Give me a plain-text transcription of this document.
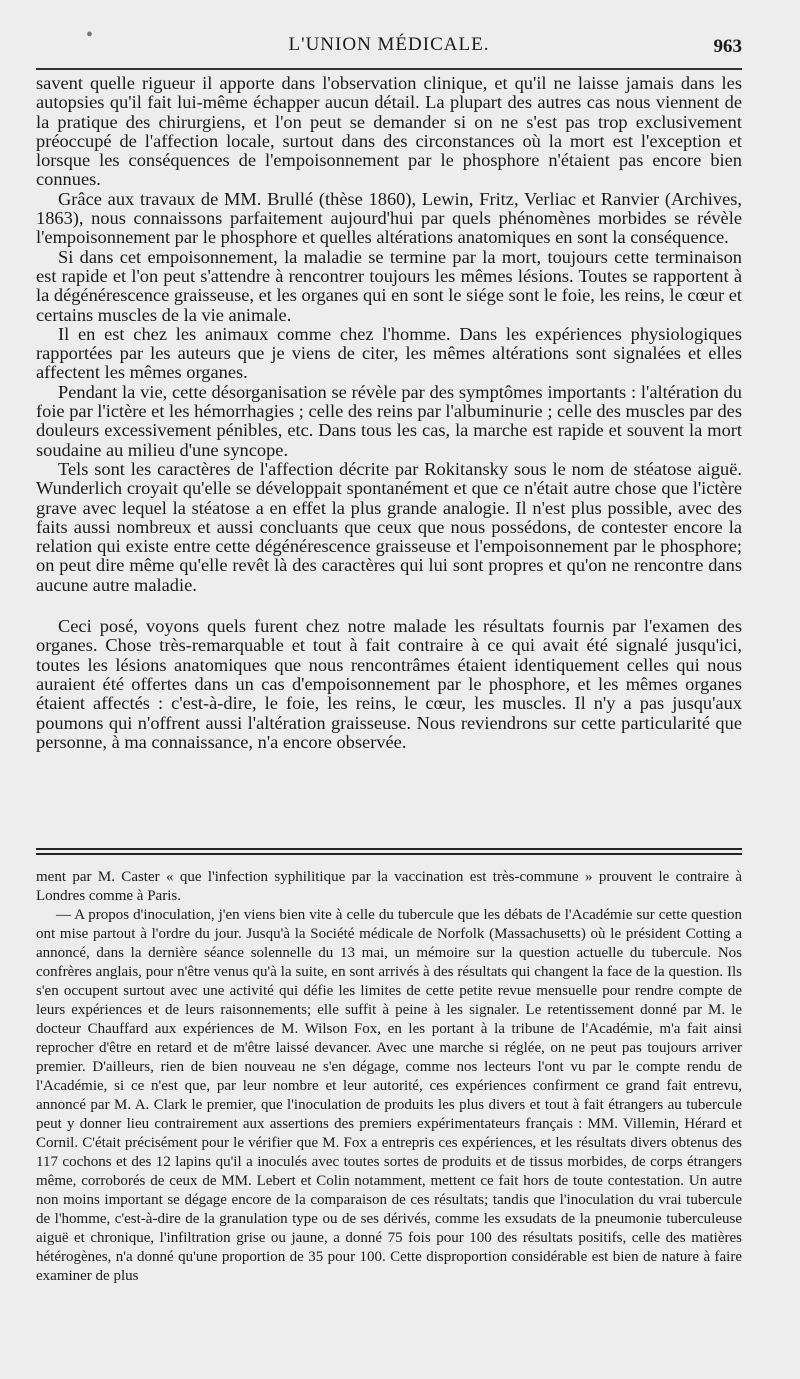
•	L'UNION MÉDICALE.	963

savent quelle rigueur il apporte dans l'observation clinique, et qu'il ne laisse jamais dans les autopsies qu'il fait lui-même échapper aucun détail. La plupart des autres cas nous viennent de la pratique des chirurgiens, et l'on peut se demander si on ne s'est pas trop exclusivement préoccupé de l'affection locale, surtout dans des circonstances où la mort est l'exception et lorsque les conséquences de l'empoisonnement par le phosphore n'étaient pas encore bien connues.

Grâce aux travaux de MM. Brullé (thèse 1860), Lewin, Fritz, Verliac et Ranvier (Archives, 1863), nous connaissons parfaitement aujourd'hui par quels phénomènes morbides se révèle l'empoisonnement par le phosphore et quelles altérations anatomiques en sont la conséquence.

Si dans cet empoisonnement, la maladie se termine par la mort, toujours cette terminaison est rapide et l'on peut s'attendre à rencontrer toujours les mêmes lésions. Toutes se rapportent à la dégénérescence graisseuse, et les organes qui en sont le siége sont le foie, les reins, le cœur et certains muscles de la vie animale.

Il en est chez les animaux comme chez l'homme. Dans les expériences physiologiques rapportées par les auteurs que je viens de citer, les mêmes altérations sont signalées et elles affectent les mêmes organes.

Pendant la vie, cette désorganisation se révèle par des symptômes importants : l'altération du foie par l'ictère et les hémorrhagies ; celle des reins par l'albuminurie ; celle des muscles par des douleurs excessivement pénibles, etc. Dans tous les cas, la marche est rapide et souvent la mort soudaine au milieu d'une syncope.

Tels sont les caractères de l'affection décrite par Rokitansky sous le nom de stéatose aiguë. Wunderlich croyait qu'elle se développait spontanément et que ce n'était autre chose que l'ictère grave avec lequel la stéatose a en effet la plus grande analogie. Il n'est plus possible, avec des faits aussi nombreux et aussi concluants que ceux que nous possédons, de contester encore la relation qui existe entre cette dégénérescence graisseuse et l'empoisonnement par le phosphore; on peut dire même qu'elle revêt là des caractères qui lui sont propres et qu'on ne rencontre dans aucune autre maladie.

Ceci posé, voyons quels furent chez notre malade les résultats fournis par l'examen des organes. Chose très-remarquable et tout à fait contraire à ce qui avait été signalé jusqu'ici, toutes les lésions anatomiques que nous rencontrâmes étaient identiquement celles qui nous auraient été offertes dans un cas d'empoisonnement par le phosphore, et les mêmes organes étaient affectés : c'est-à-dire, le foie, les reins, le cœur, les muscles. Il n'y a pas jusqu'aux poumons qui n'offrent aussi l'altération graisseuse. Nous reviendrons sur cette particularité que personne, à ma connaissance, n'a encore observée.

ment par M. Caster « que l'infection syphilitique par la vaccination est très-commune » prouvent le contraire à Londres comme à Paris.

— A propos d'inoculation, j'en viens bien vite à celle du tubercule que les débats de l'Académie sur cette question ont mise partout à l'ordre du jour. Jusqu'à la Société médicale de Norfolk (Massachusetts) où le président Cotting a annoncé, dans la dernière séance solennelle du 13 mai, un mémoire sur la question actuelle du tubercule. Nos confrères anglais, pour n'être venus qu'à la suite, en sont arrivés à des résultats qui changent la face de la question. Ils s'en occupent surtout avec une activité qui défie les limites de cette petite revue mensuelle pour rendre compte de leurs expériences et de leurs raisonnements; elle suffit à peine à les signaler. Le retentissement donné par M. le docteur Chauffard aux expériences de M. Wilson Fox, en les portant à la tribune de l'Académie, m'a fait ainsi reprocher d'être en retard et de m'être laissé devancer. Avec une marche si réglée, on ne peut pas toujours arriver premier. D'ailleurs, rien de bien nouveau ne s'en dégage, comme nos lecteurs l'ont vu par le compte rendu de l'Académie, si ce n'est que, par leur nombre et leur autorité, ces expériences confirment ce grand fait entrevu, annoncé par M. A. Clark le premier, que l'inoculation de produits les plus divers et tout à fait étrangers au tubercule peut y donner lieu contrairement aux assertions des premiers expérimentateurs français : MM. Villemin, Hérard et Cornil. C'était précisément pour le vérifier que M. Fox a entrepris ces expériences, et les résultats divers obtenus des 117 cochons et des 12 lapins qu'il a inoculés avec toutes sortes de produits et de tissus morbides, de corps étrangers même, corroborés de ceux de MM. Lebert et Colin notamment, mettent ce fait hors de toute contestation. Un autre non moins important se dégage encore de la comparaison de ces résultats; tandis que l'inoculation du vrai tubercule de l'homme, c'est-à-dire de la granulation type ou de ses dérivés, comme les exsudats de la pneumonie tuberculeuse aiguë et chronique, l'infiltration grise ou jaune, a donné 75 fois pour 100 des résultats positifs, celle des matières hétérogènes, n'a donné qu'une proportion de 35 pour 100. Cette disproportion considérable est bien de nature à faire examiner de plus
